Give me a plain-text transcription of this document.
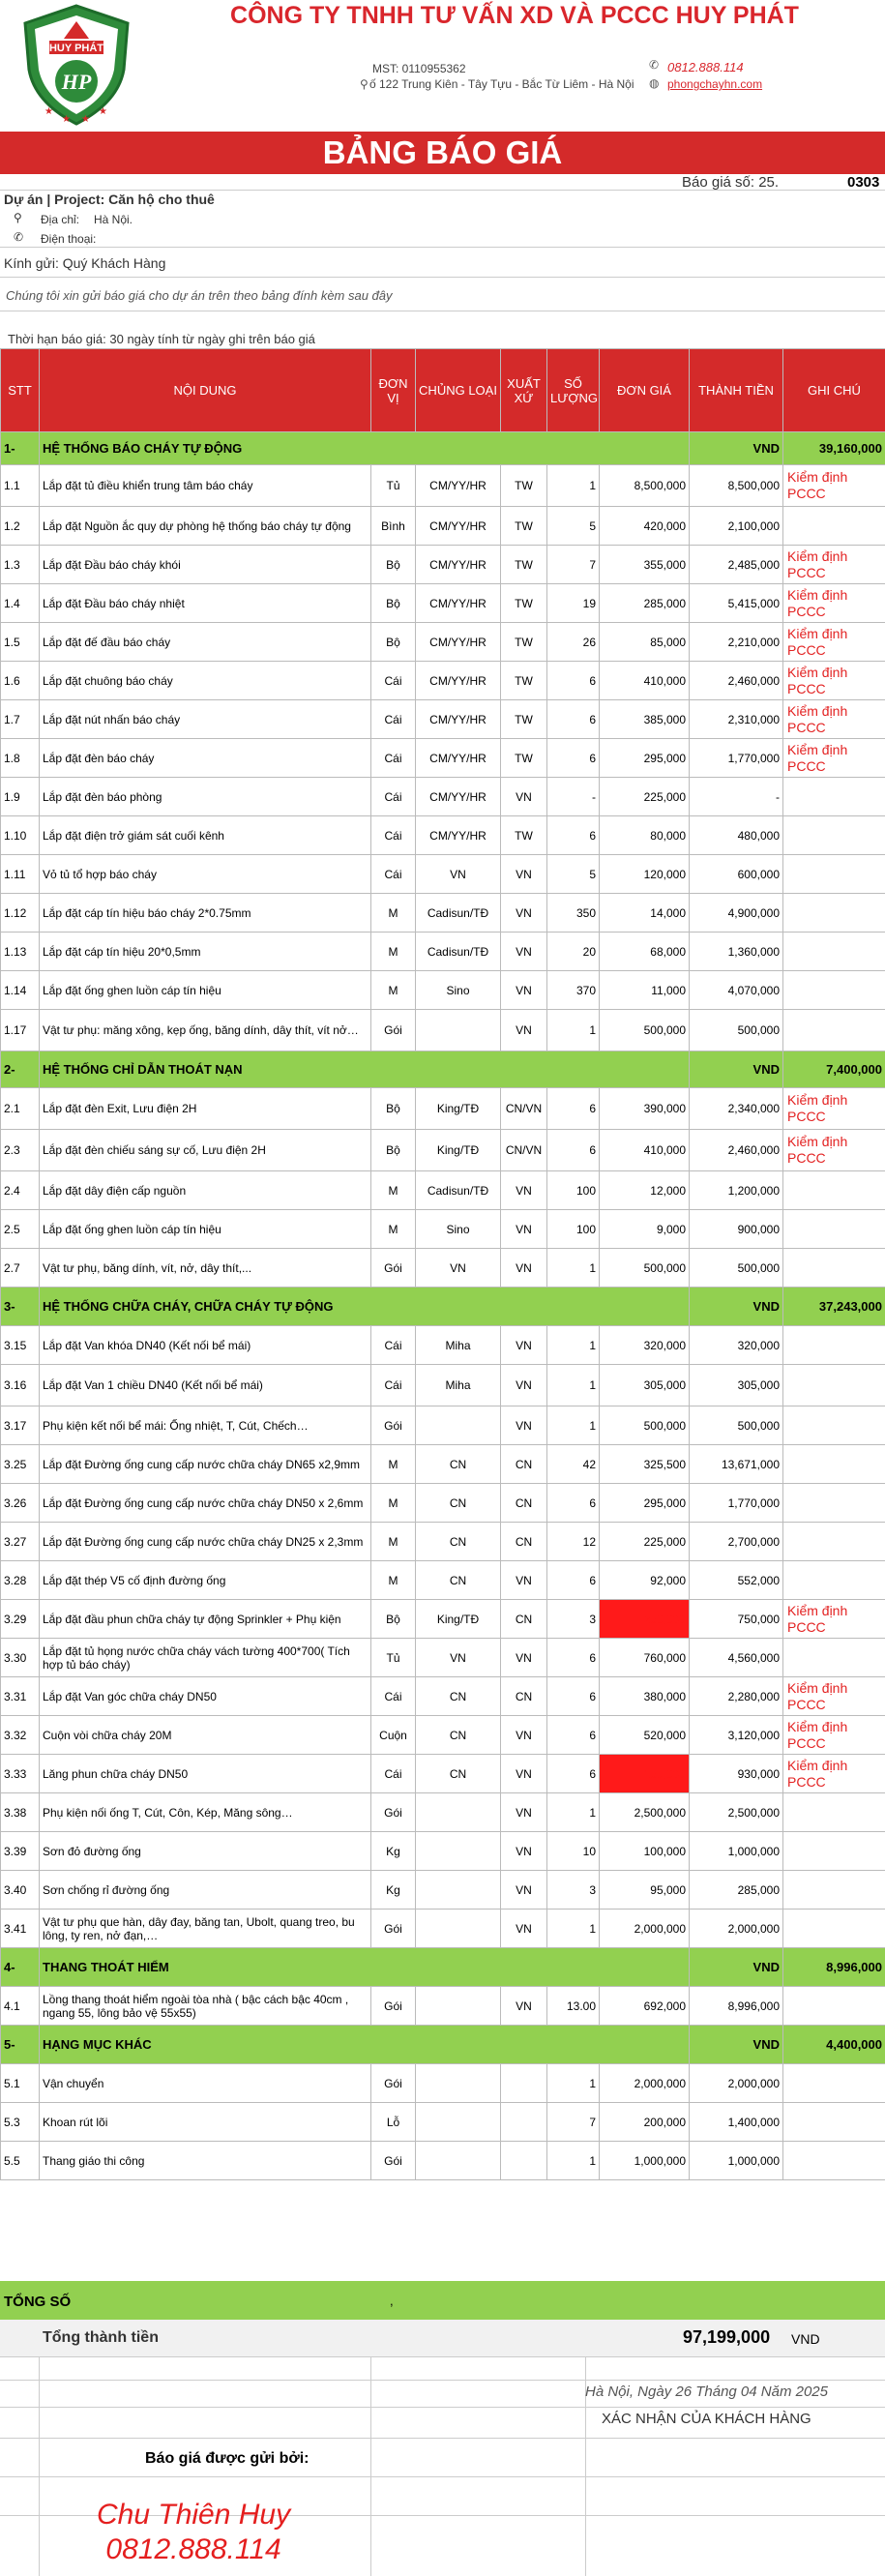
HUY PHÁT
HP
★
★ ★
★
CÔNG TY TNHH TƯ VẤN XD VÀ PCCC HUY PHÁT
MST: 0110955362
⚲ ố 122 Trung Kiên - Tây Tựu - Bắc Từ Liêm - Hà Nội
✆ 0812.888.114
◍ phongchayhn.com
BẢNG BÁO GIÁ
Báo giá số: 25.	0303
Dự án | Project: Căn hộ cho thuê
⚲ Địa chỉ: Hà Nội.
✆ Điện thoại:
Kính gửi: Quý Khách Hàng
Chúng tôi xin gửi báo giá cho dự án trên theo bảng đính kèm sau đây
Thời hạn báo giá: 30 ngày tính từ ngày ghi trên báo giá
STT	NỘI DUNG	ĐƠN VỊ	CHỦNG LOẠI	XUẤT XỨ	SỐ LƯỢNG	ĐƠN GIÁ	THÀNH TIỀN	GHI CHÚ
1-	HỆ THỐNG BÁO CHÁY TỰ ĐỘNG						VND	39,160,000
1.1	Lắp đặt tủ điều khiển trung tâm báo cháy	Tủ	CM/YY/HR	TW	1	8,500,000	8,500,000	Kiểm định PCCC
1.2	Lắp đặt Nguồn ắc quy dự phòng hệ thống báo cháy tự động	Bình	CM/YY/HR	TW	5	420,000	2,100,000	
1.3	Lắp đặt Đầu báo cháy khói	Bộ	CM/YY/HR	TW	7	355,000	2,485,000	Kiểm định PCCC
1.4	Lắp đặt Đầu báo cháy nhiệt	Bộ	CM/YY/HR	TW	19	285,000	5,415,000	Kiểm định PCCC
1.5	Lắp đặt đế đầu báo cháy	Bộ	CM/YY/HR	TW	26	85,000	2,210,000	Kiểm định PCCC
1.6	Lắp đặt chuông báo cháy	Cái	CM/YY/HR	TW	6	410,000	2,460,000	Kiểm định PCCC
1.7	Lắp đặt nút nhấn báo cháy	Cái	CM/YY/HR	TW	6	385,000	2,310,000	Kiểm định PCCC
1.8	Lắp đặt đèn báo cháy	Cái	CM/YY/HR	TW	6	295,000	1,770,000	Kiểm định PCCC
1.9	Lắp đặt đèn báo phòng	Cái	CM/YY/HR	VN	-	225,000	-	
1.10	Lắp đặt điện trở giám sát cuối kênh	Cái	CM/YY/HR	TW	6	80,000	480,000	
1.11	Vỏ tủ tổ hợp báo cháy	Cái	VN	VN	5	120,000	600,000	
1.12	Lắp đặt cáp tín hiệu báo cháy 2*0.75mm	M	Cadisun/TĐ	VN	350	14,000	4,900,000	
1.13	Lắp đặt cáp tín hiệu 20*0,5mm	M	Cadisun/TĐ	VN	20	68,000	1,360,000	
1.14	Lắp đặt ống ghen luồn cáp tín hiệu	M	Sino	VN	370	11,000	4,070,000	
1.17	Vật tư phụ: măng xông, kẹp ống, băng dính, dây thít, vít nở…	Gói		VN	1	500,000	500,000	
2-	HỆ THỐNG CHỈ DẪN THOÁT NẠN						VND	7,400,000
2.1	Lắp đặt đèn Exit, Lưu điện 2H	Bộ	King/TĐ	CN/VN	6	390,000	2,340,000	Kiểm định PCCC
2.3	Lắp đặt đèn chiếu sáng sự cố, Lưu điện 2H	Bộ	King/TĐ	CN/VN	6	410,000	2,460,000	Kiểm định PCCC
2.4	Lắp đặt dây điện cấp nguồn	M	Cadisun/TĐ	VN	100	12,000	1,200,000	
2.5	Lắp đặt ống ghen luồn cáp tín hiệu	M	Sino	VN	100	9,000	900,000	
2.7	Vật tư phụ, băng dính, vít, nở, dây thít,...	Gói	VN	VN	1	500,000	500,000	
3-	HỆ THỐNG CHỮA CHÁY, CHỮA CHÁY TỰ ĐỘNG						VND	37,243,000
3.15	Lắp đặt Van khóa DN40 (Kết nối bể mái)	Cái	Miha	VN	1	320,000	320,000	
3.16	Lắp đặt Van 1 chiều DN40 (Kết nối bể mái)	Cái	Miha	VN	1	305,000	305,000	
3.17	Phụ kiện kết nối bể mái: Ống nhiệt, T, Cút, Chếch…	Gói		VN	1	500,000	500,000	
3.25	Lắp đặt Đường ống cung cấp nước chữa cháy DN65 x2,9mm	M	CN	CN	42	325,500	13,671,000	
3.26	Lắp đặt Đường ống cung cấp nước chữa cháy DN50 x 2,6mm	M	CN	CN	6	295,000	1,770,000	
3.27	Lắp đặt Đường ống cung cấp nước chữa cháy DN25 x 2,3mm	M	CN	CN	12	225,000	2,700,000	
3.28	Lắp đặt thép V5 cố định đường ống	M	CN	VN	6	92,000	552,000	
3.29	Lắp đặt đầu phun chữa cháy tự động Sprinkler + Phụ kiện	Bộ	King/TĐ	CN	3	250,000	750,000	Kiểm định PCCC
3.30	Lắp đặt tủ họng nước chữa cháy vách tường 400*700( Tích hợp tủ báo cháy)	Tủ	VN	VN	6	760,000	4,560,000	
3.31	Lắp đặt Van góc chữa cháy DN50	Cái	CN	CN	6	380,000	2,280,000	Kiểm định PCCC
3.32	Cuộn vòi chữa cháy 20M	Cuộn	CN	VN	6	520,000	3,120,000	Kiểm định PCCC
3.33	Lăng phun chữa cháy DN50	Cái	CN	VN	6	155,000	930,000	Kiểm định PCCC
3.38	Phụ kiện nối ống T, Cút, Côn, Kép, Măng sông…	Gói		VN	1	2,500,000	2,500,000	
3.39	Sơn đỏ đường ống	Kg		VN	10	100,000	1,000,000	
3.40	Sơn chống rỉ đường ống	Kg		VN	3	95,000	285,000	
3.41	Vật tư phụ que hàn, dây đay, băng tan, Ubolt, quang treo, bu lông, ty ren, nở đạn,…	Gói		VN	1	2,000,000	2,000,000	
4-	THANG THOÁT HIỂM						VND	8,996,000
4.1	Lồng thang thoát hiểm ngoài tòa nhà ( bậc cách bậc 40cm , ngang 55, lông bảo vệ 55x55)	Gói		VN	13.00	692,000	8,996,000	
5-	HẠNG MỤC KHÁC						VND	4,400,000
5.1	Vận chuyển	Gói			1	2,000,000	2,000,000	
5.3	Khoan rút lõi	Lỗ			7	200,000	1,400,000	
5.5	Thang giáo thi công	Gói			1	1,000,000	1,000,000	
TỔNG SỐ	,
Tổng thành tiền	97,199,000 VND
Hà Nội, Ngày 26 Tháng 04 Năm 2025
XÁC NHẬN CỦA KHÁCH HÀNG
Báo giá được gửi bởi:
Chu Thiên Huy
0812.888.114
